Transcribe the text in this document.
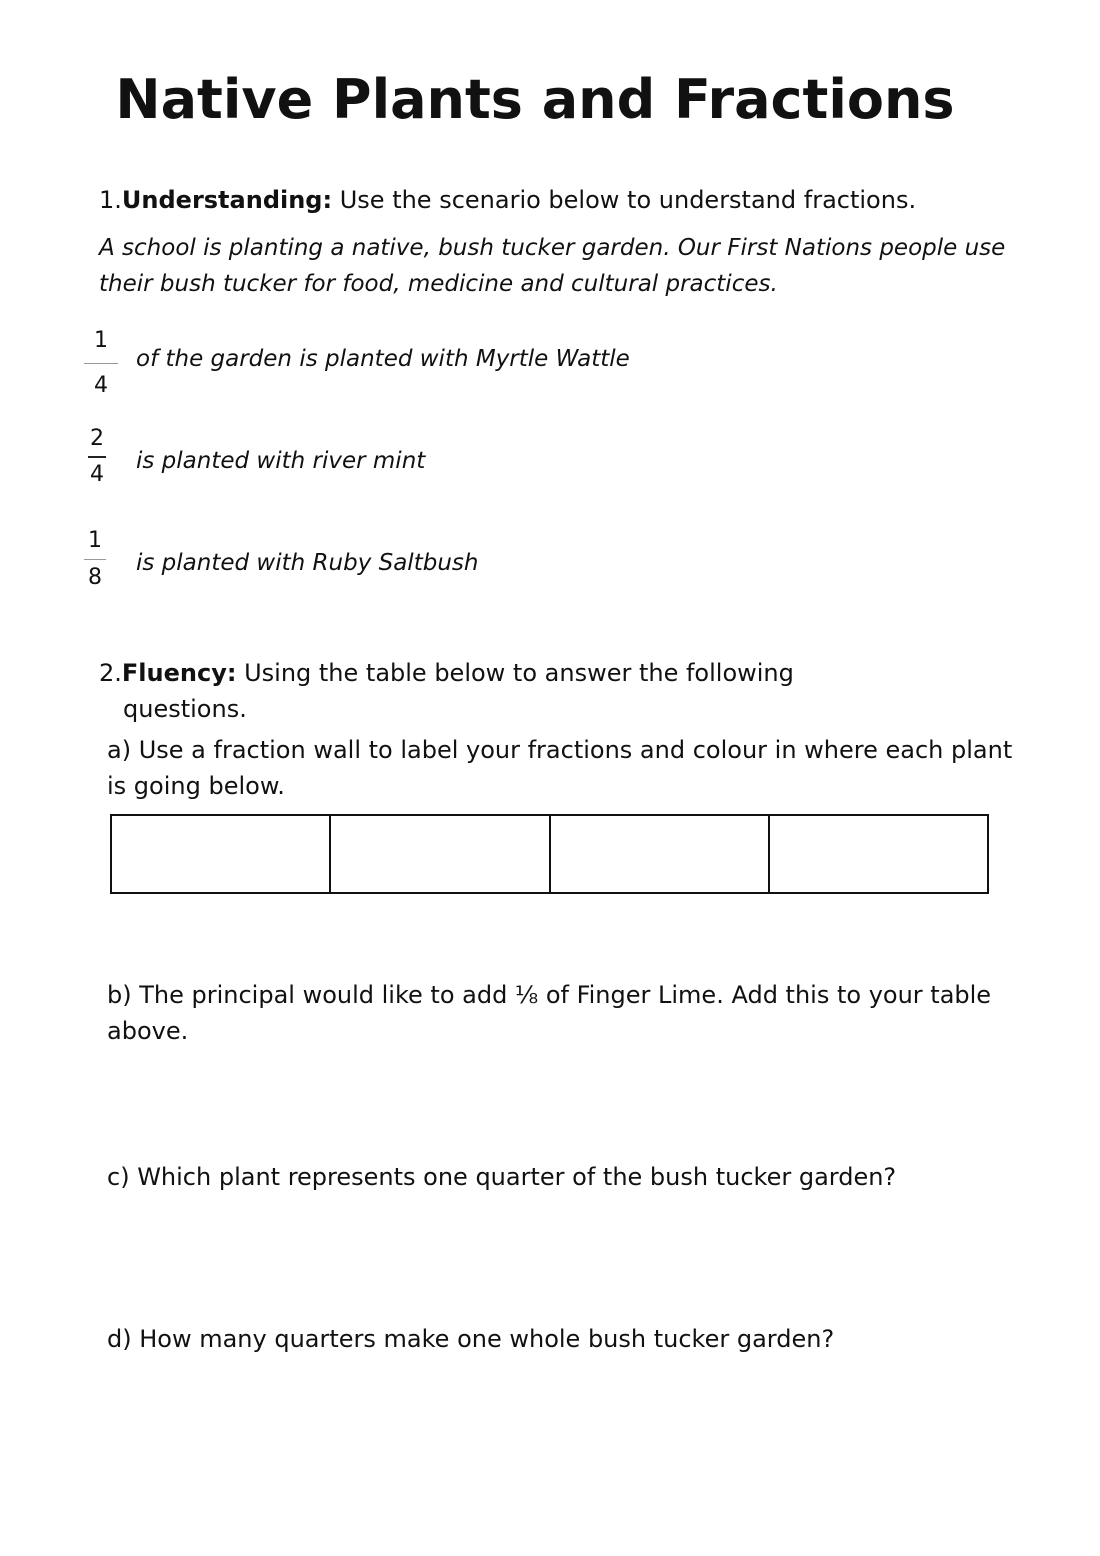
Native Plants and Fractions
1.Understanding: Use the scenario below to understand fractions.
A school is planting a native, bush tucker garden. Our First Nations people use their bush tucker for food, medicine and cultural practices.
1
4
of the garden is planted with Myrtle Wattle
2
4
is planted with river mint
1
8
is planted with Ruby Saltbush
2.Fluency: Using the table below to answer the following
questions.
a) Use a fraction wall to label your fractions and colour in where each plant is going below.
b) The principal would like to add ⅛ of Finger Lime. Add this to your table above.
c) Which plant represents one quarter of the bush tucker garden?
d) How many quarters make one whole bush tucker garden?
